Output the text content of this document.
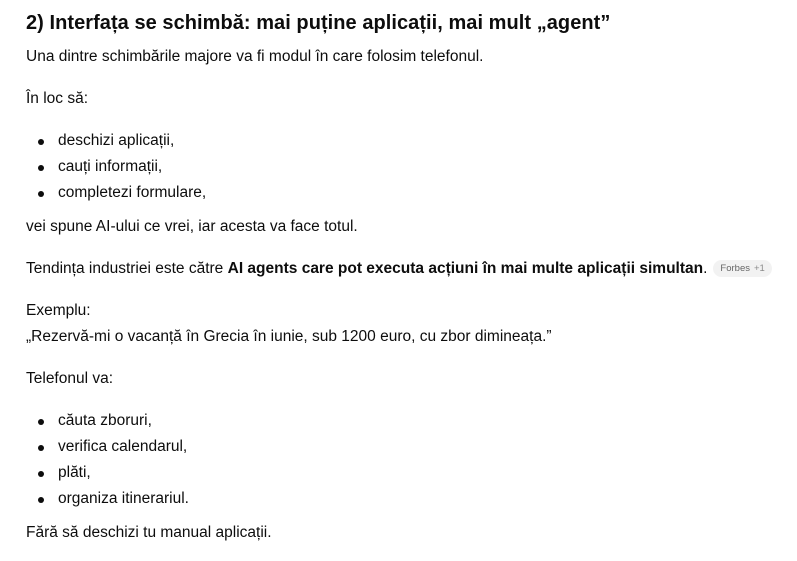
2) Interfața se schimbă: mai puține aplicații, mai mult „agent”

Una dintre schimbările majore va fi modul în care folosim telefonul.

În loc să:

deschizi aplicații,
cauți informații,
completezi formulare,

vei spune AI-ului ce vrei, iar acesta va face totul.

Tendința industriei este către AI agents care pot executa acțiuni în mai multe aplicații simultan. Forbes +1

Exemplu:

„Rezervă-mi o vacanță în Grecia în iunie, sub 1200 euro, cu zbor dimineața.”

Telefonul va:

căuta zboruri,
verifica calendarul,
plăti,
organiza itinerariul.

Fără să deschizi tu manual aplicații.
